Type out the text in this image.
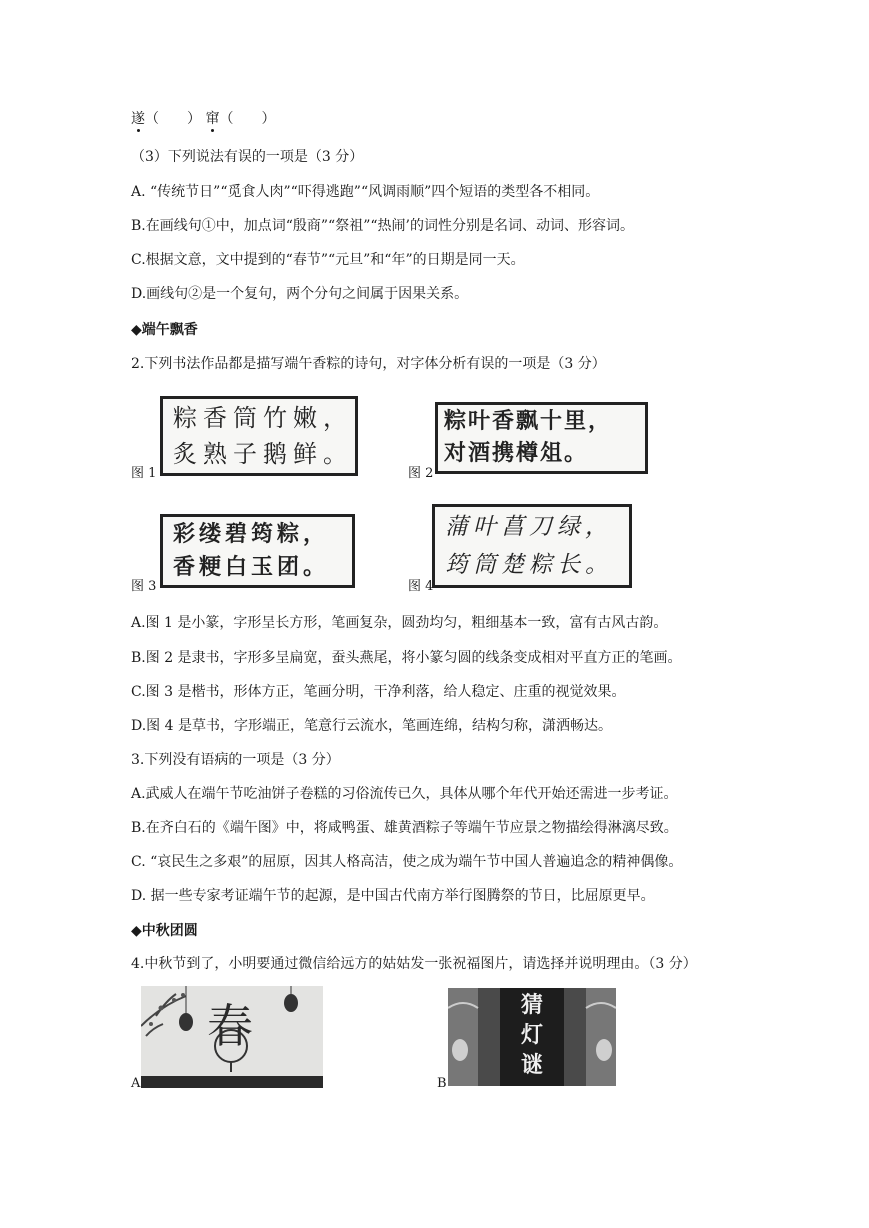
遂（　　） 窜（　　）
（3）下列说法有误的一项是（3 分）
A. “传统节日”“觅食人肉”“吓得逃跑”“风调雨顺”四个短语的类型各不相同。
B.在画线句①中，加点词“殷商”“祭祖”“热闹’的词性分别是名词、动词、形容词。
C.根据文意，文中提到的“春节”“元旦”和“年”的日期是同一天。
D.画线句②是一个复句，两个分句之间属于因果关系。
◆端午飘香
2.下列书法作品都是描写端午香粽的诗句，对字体分析有误的一项是（3 分）
粽香筒竹嫩，
炙熟子鹅鲜。
图 1
粽叶香飘十里，
对酒携樽俎。
图 2
彩缕碧筠粽，
香粳白玉团。
图 3
蒲叶菖刀绿，
筠筒楚粽长。
图 4
A.图 1 是小篆，字形呈长方形，笔画复杂，圆劲均匀，粗细基本一致，富有古风古韵。
B.图 2 是隶书，字形多呈扁宽，蚕头燕尾，将小篆匀圆的线条变成相对平直方正的笔画。
C.图 3 是楷书，形体方正，笔画分明，干净利落，给人稳定、庄重的视觉效果。
D.图 4 是草书，字形端正，笔意行云流水，笔画连绵，结构匀称，潇洒畅达。
3.下列没有语病的一项是（3 分）
A.武威人在端午节吃油饼子卷糕的习俗流传已久，具体从哪个年代开始还需进一步考证。
B.在齐白石的《端午图》中，将咸鸭蛋、雄黄酒粽子等端午节应景之物描绘得淋漓尽致。
C. “哀民生之多艰”的屈原，因其人格高洁，使之成为端午节中国人普遍追念的精神偶像。
D. 据一些专家考证端午节的起源，是中国古代南方举行图腾祭的节日，比屈原更早。
◆中秋团圆
4.中秋节到了，小明要通过微信给远方的姑姑发一张祝福图片，请选择并说明理由。（3 分）
春
A
猜
灯
谜
B
